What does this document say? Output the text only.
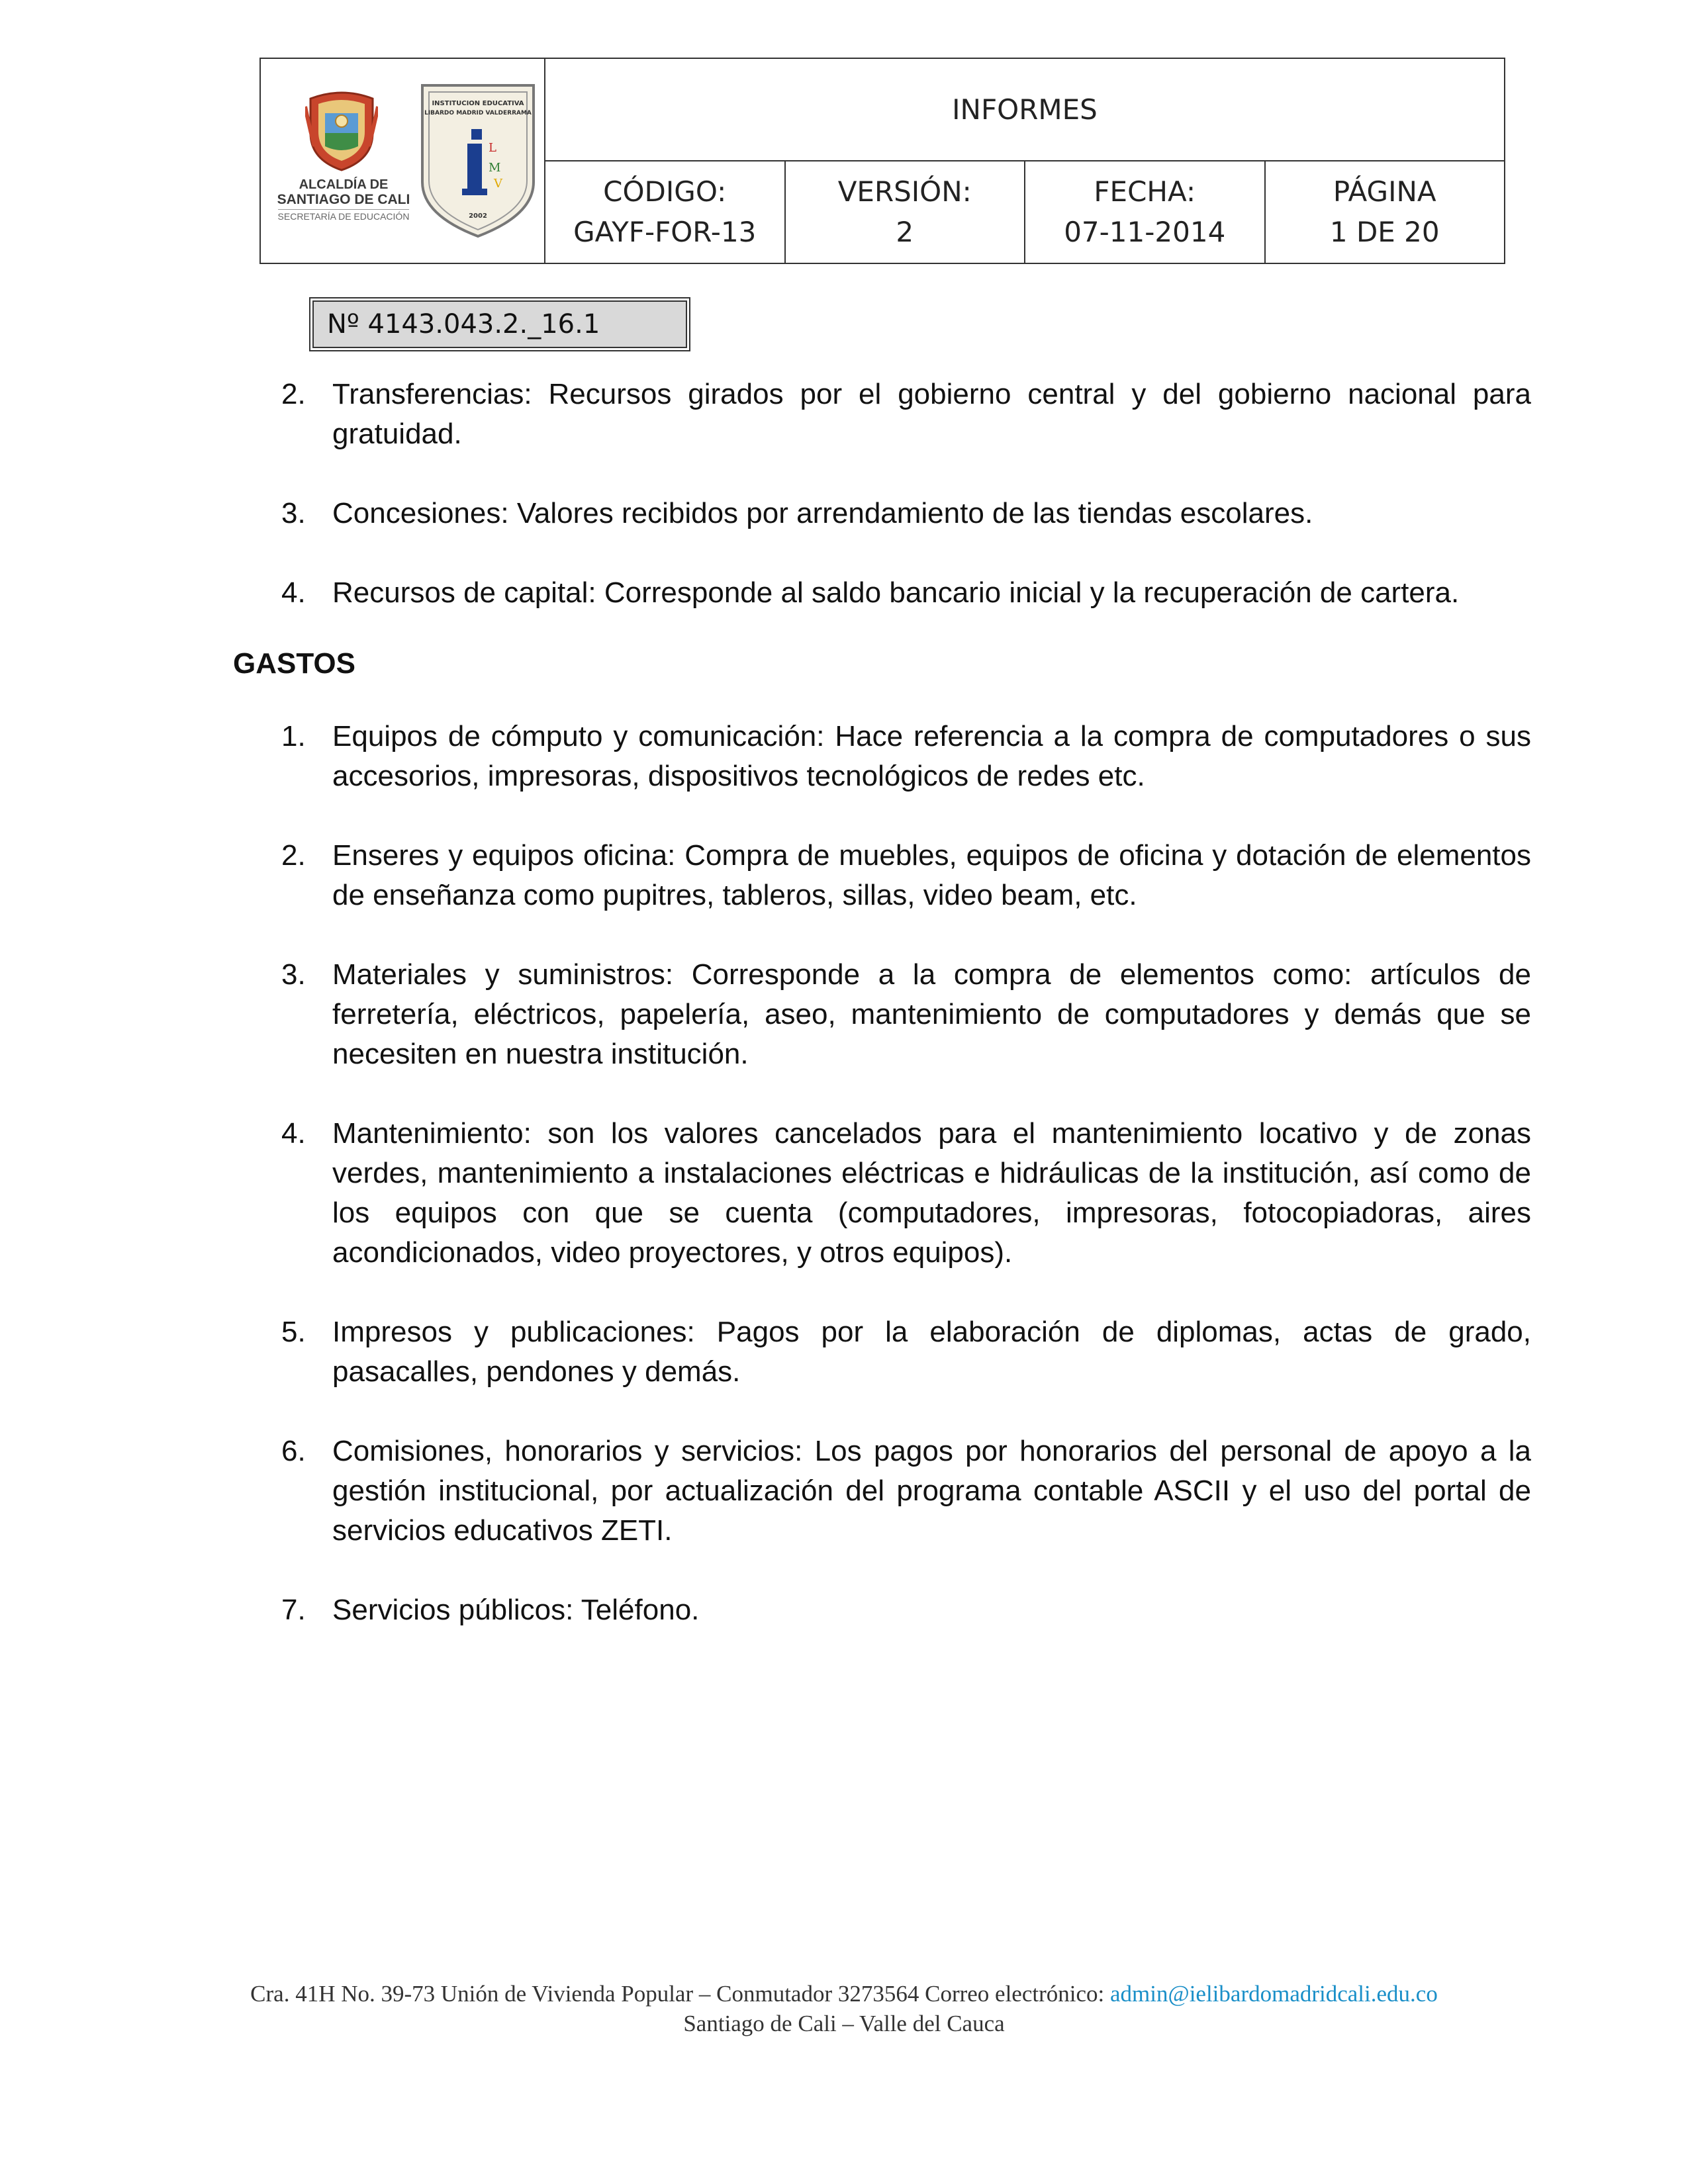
ALCALDÍA DE
SANTIAGO DE CALI
SECRETARÍA DE EDUCACIÓN
INSTITUCION EDUCATIVA
LIBARDO MADRID VALDERRAMA
L
M
V
2002
INFORMES
CÓDIGO:
GAYF-FOR-13
VERSIÓN:
2
FECHA:
07-11-2014
PÁGINA
1 DE 20
Nº 4143.043.2._16.1
2. Transferencias: Recursos girados por el gobierno central y del gobierno nacional para gratuidad.
3. Concesiones: Valores recibidos por arrendamiento de las tiendas escolares.
4. Recursos de capital: Corresponde al saldo bancario inicial y la recuperación de cartera.
GASTOS
1. Equipos de cómputo y comunicación: Hace referencia a la compra de computadores o sus accesorios, impresoras, dispositivos tecnológicos de redes etc.
2. Enseres y equipos oficina: Compra de muebles, equipos de oficina y dotación de elementos de enseñanza como pupitres, tableros, sillas, video beam, etc.
3. Materiales y suministros: Corresponde a la compra de elementos como: artículos de ferretería, eléctricos, papelería, aseo, mantenimiento de computadores y demás que se necesiten en nuestra institución.
4. Mantenimiento: son los valores cancelados para el mantenimiento locativo y de zonas verdes, mantenimiento a instalaciones eléctricas e hidráulicas de la institución, así como de los equipos con que se cuenta (computadores, impresoras, fotocopiadoras, aires acondicionados, video proyectores, y otros equipos).
5. Impresos y publicaciones: Pagos por la elaboración de diplomas, actas de grado, pasacalles, pendones y demás.
6. Comisiones, honorarios y servicios: Los pagos por honorarios del personal de apoyo a la gestión institucional, por actualización del programa contable ASCII y el uso del portal de servicios educativos ZETI.
7. Servicios públicos: Teléfono.
Cra. 41H No. 39-73 Unión de Vivienda Popular – Conmutador 3273564 Correo electrónico: admin@ielibardomadridcali.edu.co
Santiago de Cali – Valle del Cauca
